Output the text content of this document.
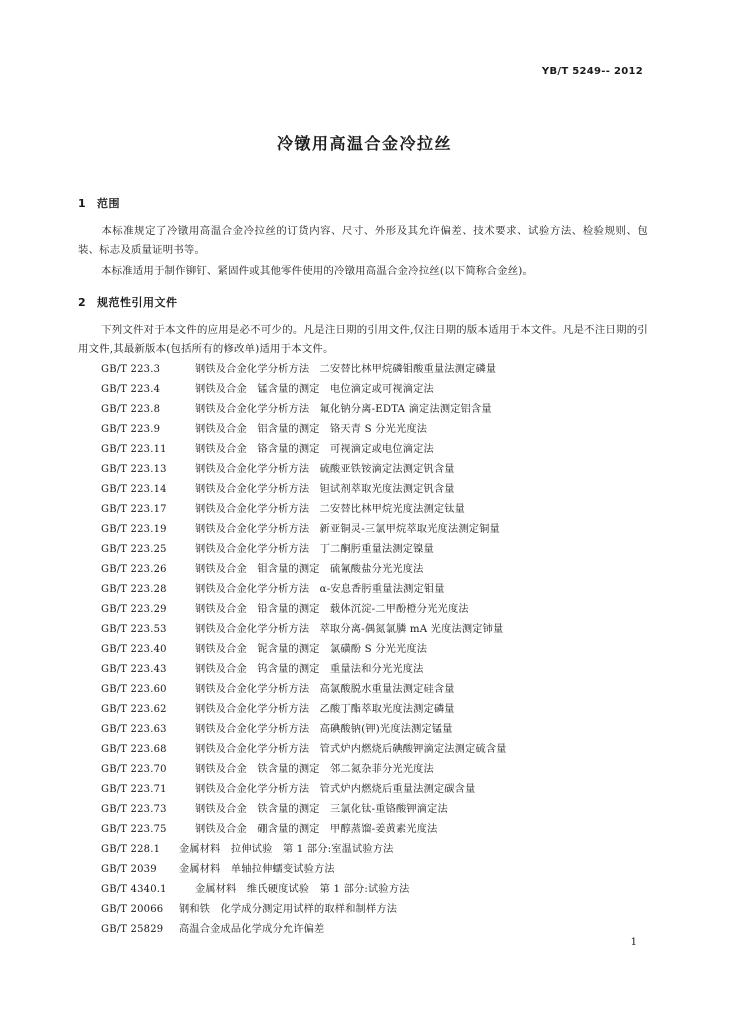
YB/T 5249-- 2012
冷镦用高温合金冷拉丝
1 范围
本标准规定了冷镦用高温合金冷拉丝的订货内容、尺寸、外形及其允许偏差、技术要求、试验方法、检验规则、包装、标志及质量证明书等。
本标准适用于制作铆钉、紧固件或其他零件使用的冷镦用高温合金冷拉丝(以下简称合金丝)。
2 规范性引用文件
下列文件对于本文件的应用是必不可少的。凡是注日期的引用文件,仅注日期的版本适用于本文件。凡是不注日期的引用文件,其最新版本(包括所有的修改单)适用于本文件。
GB/T 223.3	钢铁及合金化学分析方法　二安替比林甲烷磷钼酸重量法测定磷量
GB/T 223.4	钢铁及合金　锰含量的测定　电位滴定或可视滴定法
GB/T 223.8	钢铁及合金化学分析方法　氟化钠分离-EDTA 滴定法测定铝含量
GB/T 223.9	钢铁及合金　铝含量的测定　铬天青 S 分光光度法
GB/T 223.11	钢铁及合金　铬含量的测定　可视滴定或电位滴定法
GB/T 223.13	钢铁及合金化学分析方法　硫酸亚铁铵滴定法测定钒含量
GB/T 223.14	钢铁及合金化学分析方法　钽试剂萃取光度法测定钒含量
GB/T 223.17	钢铁及合金化学分析方法　二安替比林甲烷光度法测定钛量
GB/T 223.19	钢铁及合金化学分析方法　新亚铜灵-三氯甲烷萃取光度法测定铜量
GB/T 223.25	钢铁及合金化学分析方法　丁二酮肟重量法测定镍量
GB/T 223.26	钢铁及合金　钼含量的测定　硫氰酸盐分光光度法
GB/T 223.28	钢铁及合金化学分析方法　α-安息香肟重量法测定钼量
GB/T 223.29	钢铁及合金　铅含量的测定　载体沉淀-二甲酚橙分光光度法
GB/T 223.53	钢铁及合金化学分析方法　萃取分离-偶氮氯膦 mA 光度法测定铈量
GB/T 223.40	钢铁及合金　铌含量的测定　氯磺酚 S 分光光度法
GB/T 223.43	钢铁及合金　钨含量的测定　重量法和分光光度法
GB/T 223.60	钢铁及合金化学分析方法　高氯酸脱水重量法测定硅含量
GB/T 223.62	钢铁及合金化学分析方法　乙酸丁酯萃取光度法测定磷量
GB/T 223.63	钢铁及合金化学分析方法　高碘酸钠(钾)光度法测定锰量
GB/T 223.68	钢铁及合金化学分析方法　管式炉内燃烧后碘酸钾滴定法测定硫含量
GB/T 223.70	钢铁及合金　铁含量的测定　邻二氮杂菲分光光度法
GB/T 223.71	钢铁及合金化学分析方法　管式炉内燃烧后重量法测定碳含量
GB/T 223.73	钢铁及合金　铁含量的测定　三氯化钛-重铬酸钾滴定法
GB/T 223.75	钢铁及合金　硼含量的测定　甲醇蒸馏-姜黄素光度法
GB/T 228.1 金属材料　拉伸试验　第 1 部分:室温试验方法
GB/T 2039 金属材料　单轴拉伸蠕变试验方法
GB/T 4340.1	金属材料　维氏硬度试验　第 1 部分:试验方法
GB/T 20066 钢和铁　化学成分测定用试样的取样和制样方法
GB/T 25829 高温合金成品化学成分允许偏差
1
